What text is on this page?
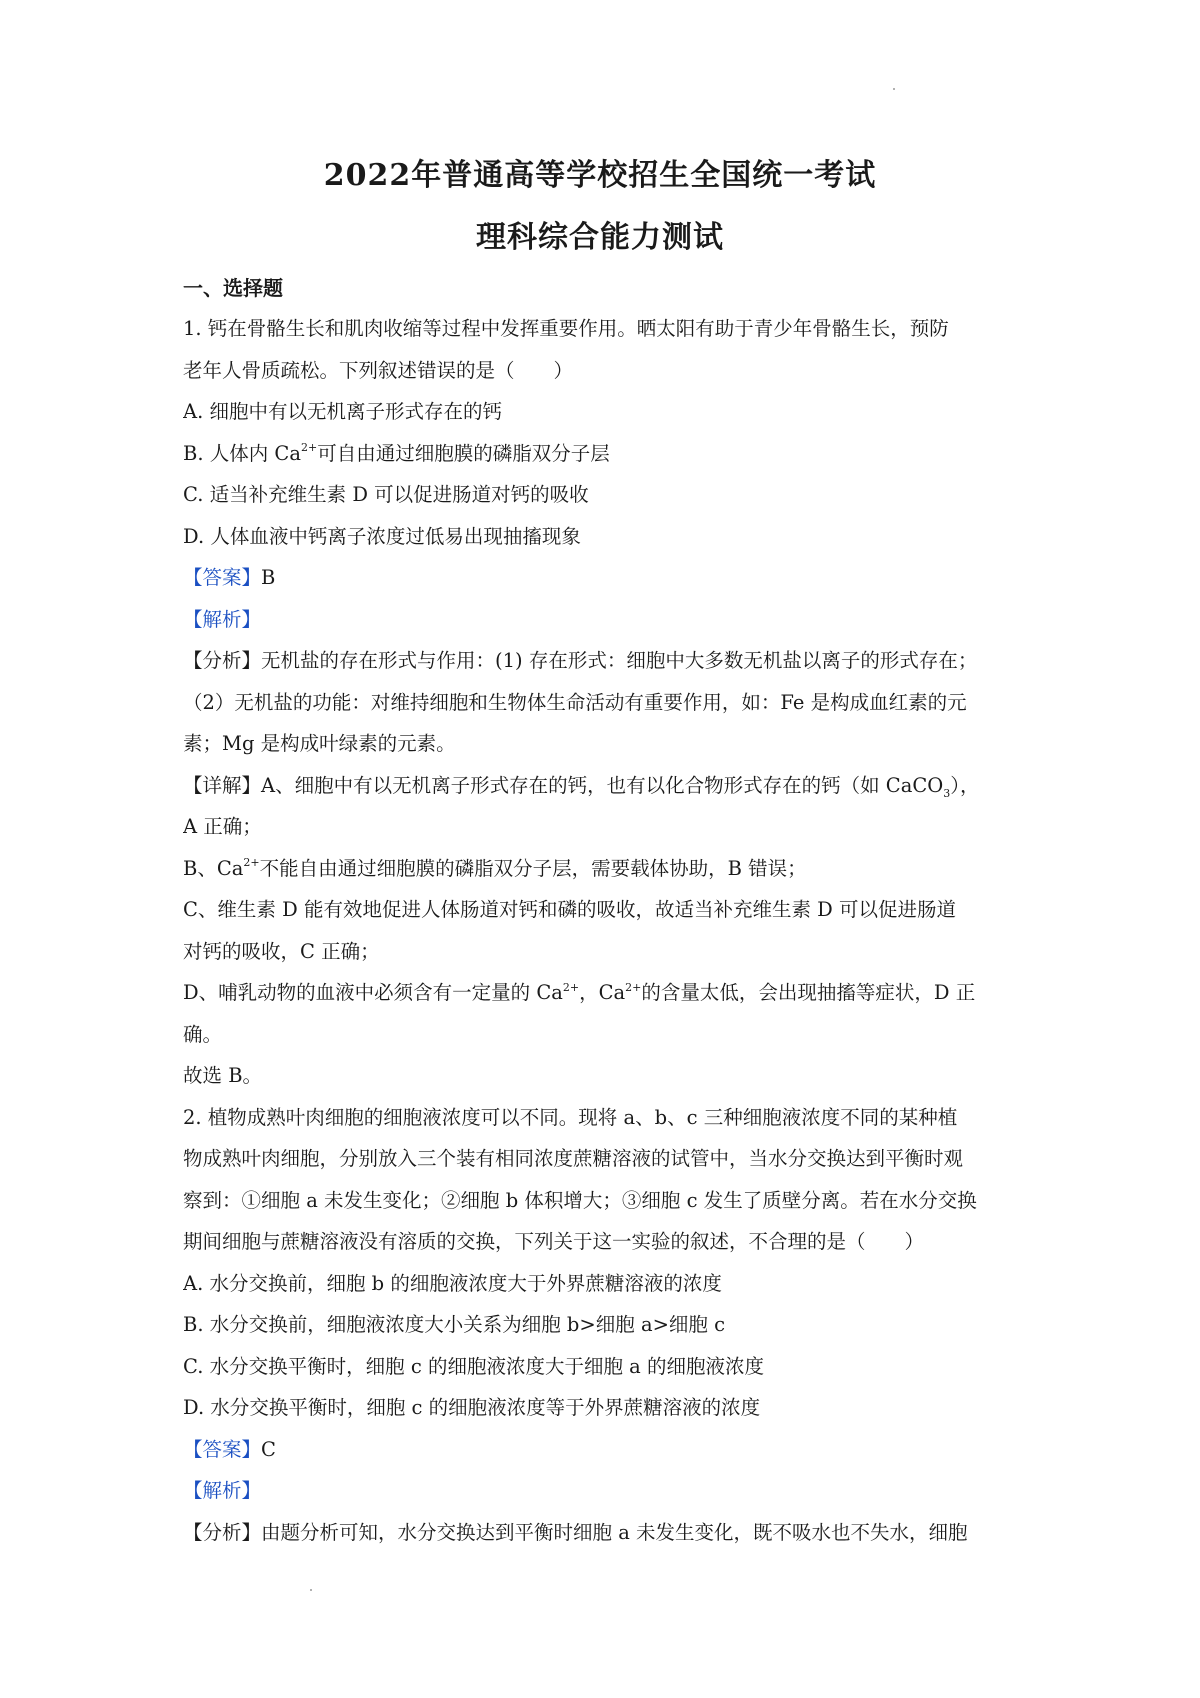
2022年普通高等学校招生全国统一考试
理科综合能力测试
一、选择题
1. 钙在骨骼生长和肌肉收缩等过程中发挥重要作用。晒太阳有助于青少年骨骼生长，预防
老年人骨质疏松。下列叙述错误的是（　　）
A. 细胞中有以无机离子形式存在的钙
B. 人体内 $Ca^{2+}$可自由通过细胞膜的磷脂双分子层
C. 适当补充维生素 D 可以促进肠道对钙的吸收
D. 人体血液中钙离子浓度过低易出现抽搐现象
【答案】B
【解析】
【分析】无机盐的存在形式与作用：(1) 存在形式：细胞中大多数无机盐以离子的形式存在；
（2）无机盐的功能：对维持细胞和生物体生命活动有重要作用，如：Fe 是构成血红素的元
素；Mg 是构成叶绿素的元素。
【详解】A、细胞中有以无机离子形式存在的钙，也有以化合物形式存在的钙（如 CaCO$_3$），
A 正确；
B、$Ca^{2+}$不能自由通过细胞膜的磷脂双分子层，需要载体协助，B 错误；
C、维生素 D 能有效地促进人体肠道对钙和磷的吸收，故适当补充维生素 D 可以促进肠道
对钙的吸收，C 正确；
D、哺乳动物的血液中必须含有一定量的 $Ca^{2+}$，$Ca^{2+}$的含量太低，会出现抽搐等症状，D 正
确。
故选 B。
2. 植物成熟叶肉细胞的细胞液浓度可以不同。现将 a、b、c 三种细胞液浓度不同的某种植
物成熟叶肉细胞，分别放入三个装有相同浓度蔗糖溶液的试管中，当水分交换达到平衡时观
察到：①细胞 a 未发生变化；②细胞 b 体积增大；③细胞 c 发生了质壁分离。若在水分交换
期间细胞与蔗糖溶液没有溶质的交换，下列关于这一实验的叙述，不合理的是（　　）
A. 水分交换前，细胞 b 的细胞液浓度大于外界蔗糖溶液的浓度
B. 水分交换前，细胞液浓度大小关系为细胞 b>细胞 a>细胞 c
C. 水分交换平衡时，细胞 c 的细胞液浓度大于细胞 a 的细胞液浓度
D. 水分交换平衡时，细胞 c 的细胞液浓度等于外界蔗糖溶液的浓度
【答案】C
【解析】
【分析】由题分析可知，水分交换达到平衡时细胞 a 未发生变化，既不吸水也不失水，细胞
